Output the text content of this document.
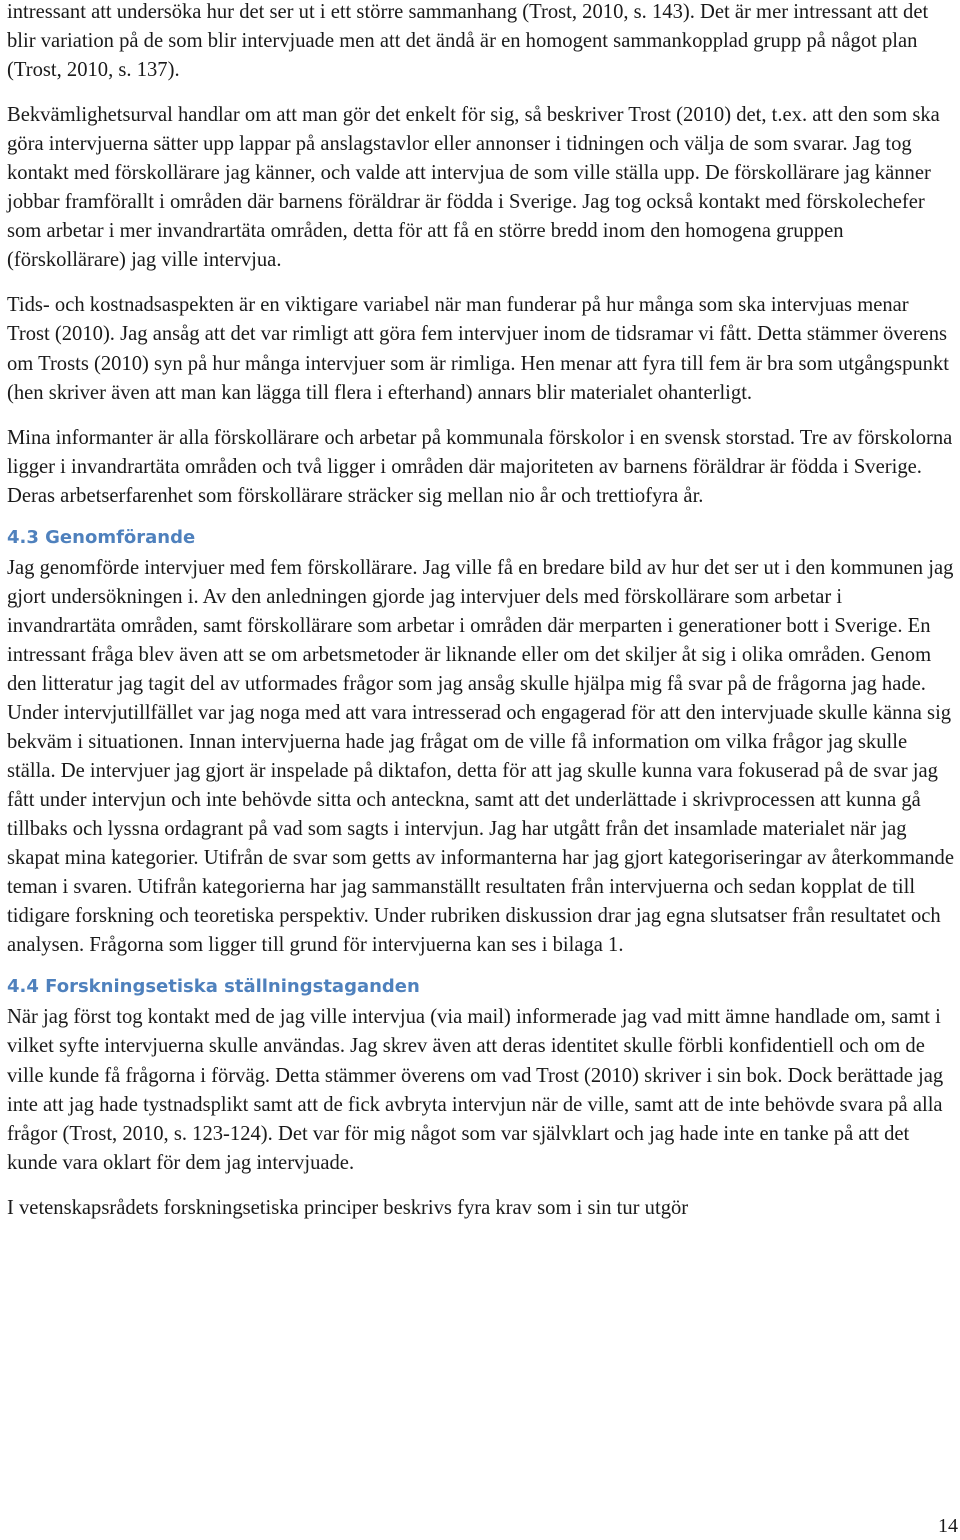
intressant att undersöka hur det ser ut i ett större sammanhang (Trost, 2010, s. 143). Det är mer intressant att det blir variation på de som blir intervjuade men att det ändå är en homogent sammankopplad grupp på något plan (Trost, 2010, s. 137).

Bekvämlighetsurval handlar om att man gör det enkelt för sig, så beskriver Trost (2010) det, t.ex. att den som ska göra intervjuerna sätter upp lappar på anslagstavlor eller annonser i tidningen och välja de som svarar. Jag tog kontakt med förskollärare jag känner, och valde att intervjua de som ville ställa upp. De förskollärare jag känner jobbar framförallt i områden där barnens föräldrar är födda i Sverige. Jag tog också kontakt med förskolechefer som arbetar i mer invandrartäta områden, detta för att få en större bredd inom den homogena gruppen (förskollärare) jag ville intervjua.

Tids- och kostnadsaspekten är en viktigare variabel när man funderar på hur många som ska intervjuas menar Trost (2010). Jag ansåg att det var rimligt att göra fem intervjuer inom de tidsramar vi fått. Detta stämmer överens om Trosts (2010) syn på hur många intervjuer som är rimliga. Hen menar att fyra till fem är bra som utgångspunkt (hen skriver även att man kan lägga till flera i efterhand) annars blir materialet ohanterligt.

Mina informanter är alla förskollärare och arbetar på kommunala förskolor i en svensk storstad. Tre av förskolorna ligger i invandrartäta områden och två ligger i områden där majoriteten av barnens föräldrar är födda i Sverige. Deras arbetserfarenhet som förskollärare sträcker sig mellan nio år och trettiofyra år.

4.3 Genomförande

Jag genomförde intervjuer med fem förskollärare. Jag ville få en bredare bild av hur det ser ut i den kommunen jag gjort undersökningen i. Av den anledningen gjorde jag intervjuer dels med förskollärare som arbetar i invandrartäta områden, samt förskollärare som arbetar i områden där merparten i generationer bott i Sverige. En intressant fråga blev även att se om arbetsmetoder är liknande eller om det skiljer åt sig i olika områden. Genom den litteratur jag tagit del av utformades frågor som jag ansåg skulle hjälpa mig få svar på de frågorna jag hade. Under intervjutillfället var jag noga med att vara intresserad och engagerad för att den intervjuade skulle känna sig bekväm i situationen. Innan intervjuerna hade jag frågat om de ville få information om vilka frågor jag skulle ställa. De intervjuer jag gjort är inspelade på diktafon, detta för att jag skulle kunna vara fokuserad på de svar jag fått under intervjun och inte behövde sitta och anteckna, samt att det underlättade i skrivprocessen att kunna gå tillbaks och lyssna ordagrant på vad som sagts i intervjun. Jag har utgått från det insamlade materialet när jag skapat mina kategorier. Utifrån de svar som getts av informanterna har jag gjort kategoriseringar av återkommande teman i svaren. Utifrån kategorierna har jag sammanställt resultaten från intervjuerna och sedan kopplat de till tidigare forskning och teoretiska perspektiv. Under rubriken diskussion drar jag egna slutsatser från resultatet och analysen. Frågorna som ligger till grund för intervjuerna kan ses i bilaga 1.

4.4 Forskningsetiska ställningstaganden

När jag först tog kontakt med de jag ville intervjua (via mail) informerade jag vad mitt ämne handlade om, samt i vilket syfte intervjuerna skulle användas. Jag skrev även att deras identitet skulle förbli konfidentiell och om de ville kunde få frågorna i förväg. Detta stämmer överens om vad Trost (2010) skriver i sin bok. Dock berättade jag inte att jag hade tystnadsplikt samt att de fick avbryta intervjun när de ville, samt att de inte behövde svara på alla frågor (Trost, 2010, s. 123-124). Det var för mig något som var självklart och jag hade inte en tanke på att det kunde vara oklart för dem jag intervjuade.

I vetenskapsrådets forskningsetiska principer beskrivs fyra krav som i sin tur utgör

14
